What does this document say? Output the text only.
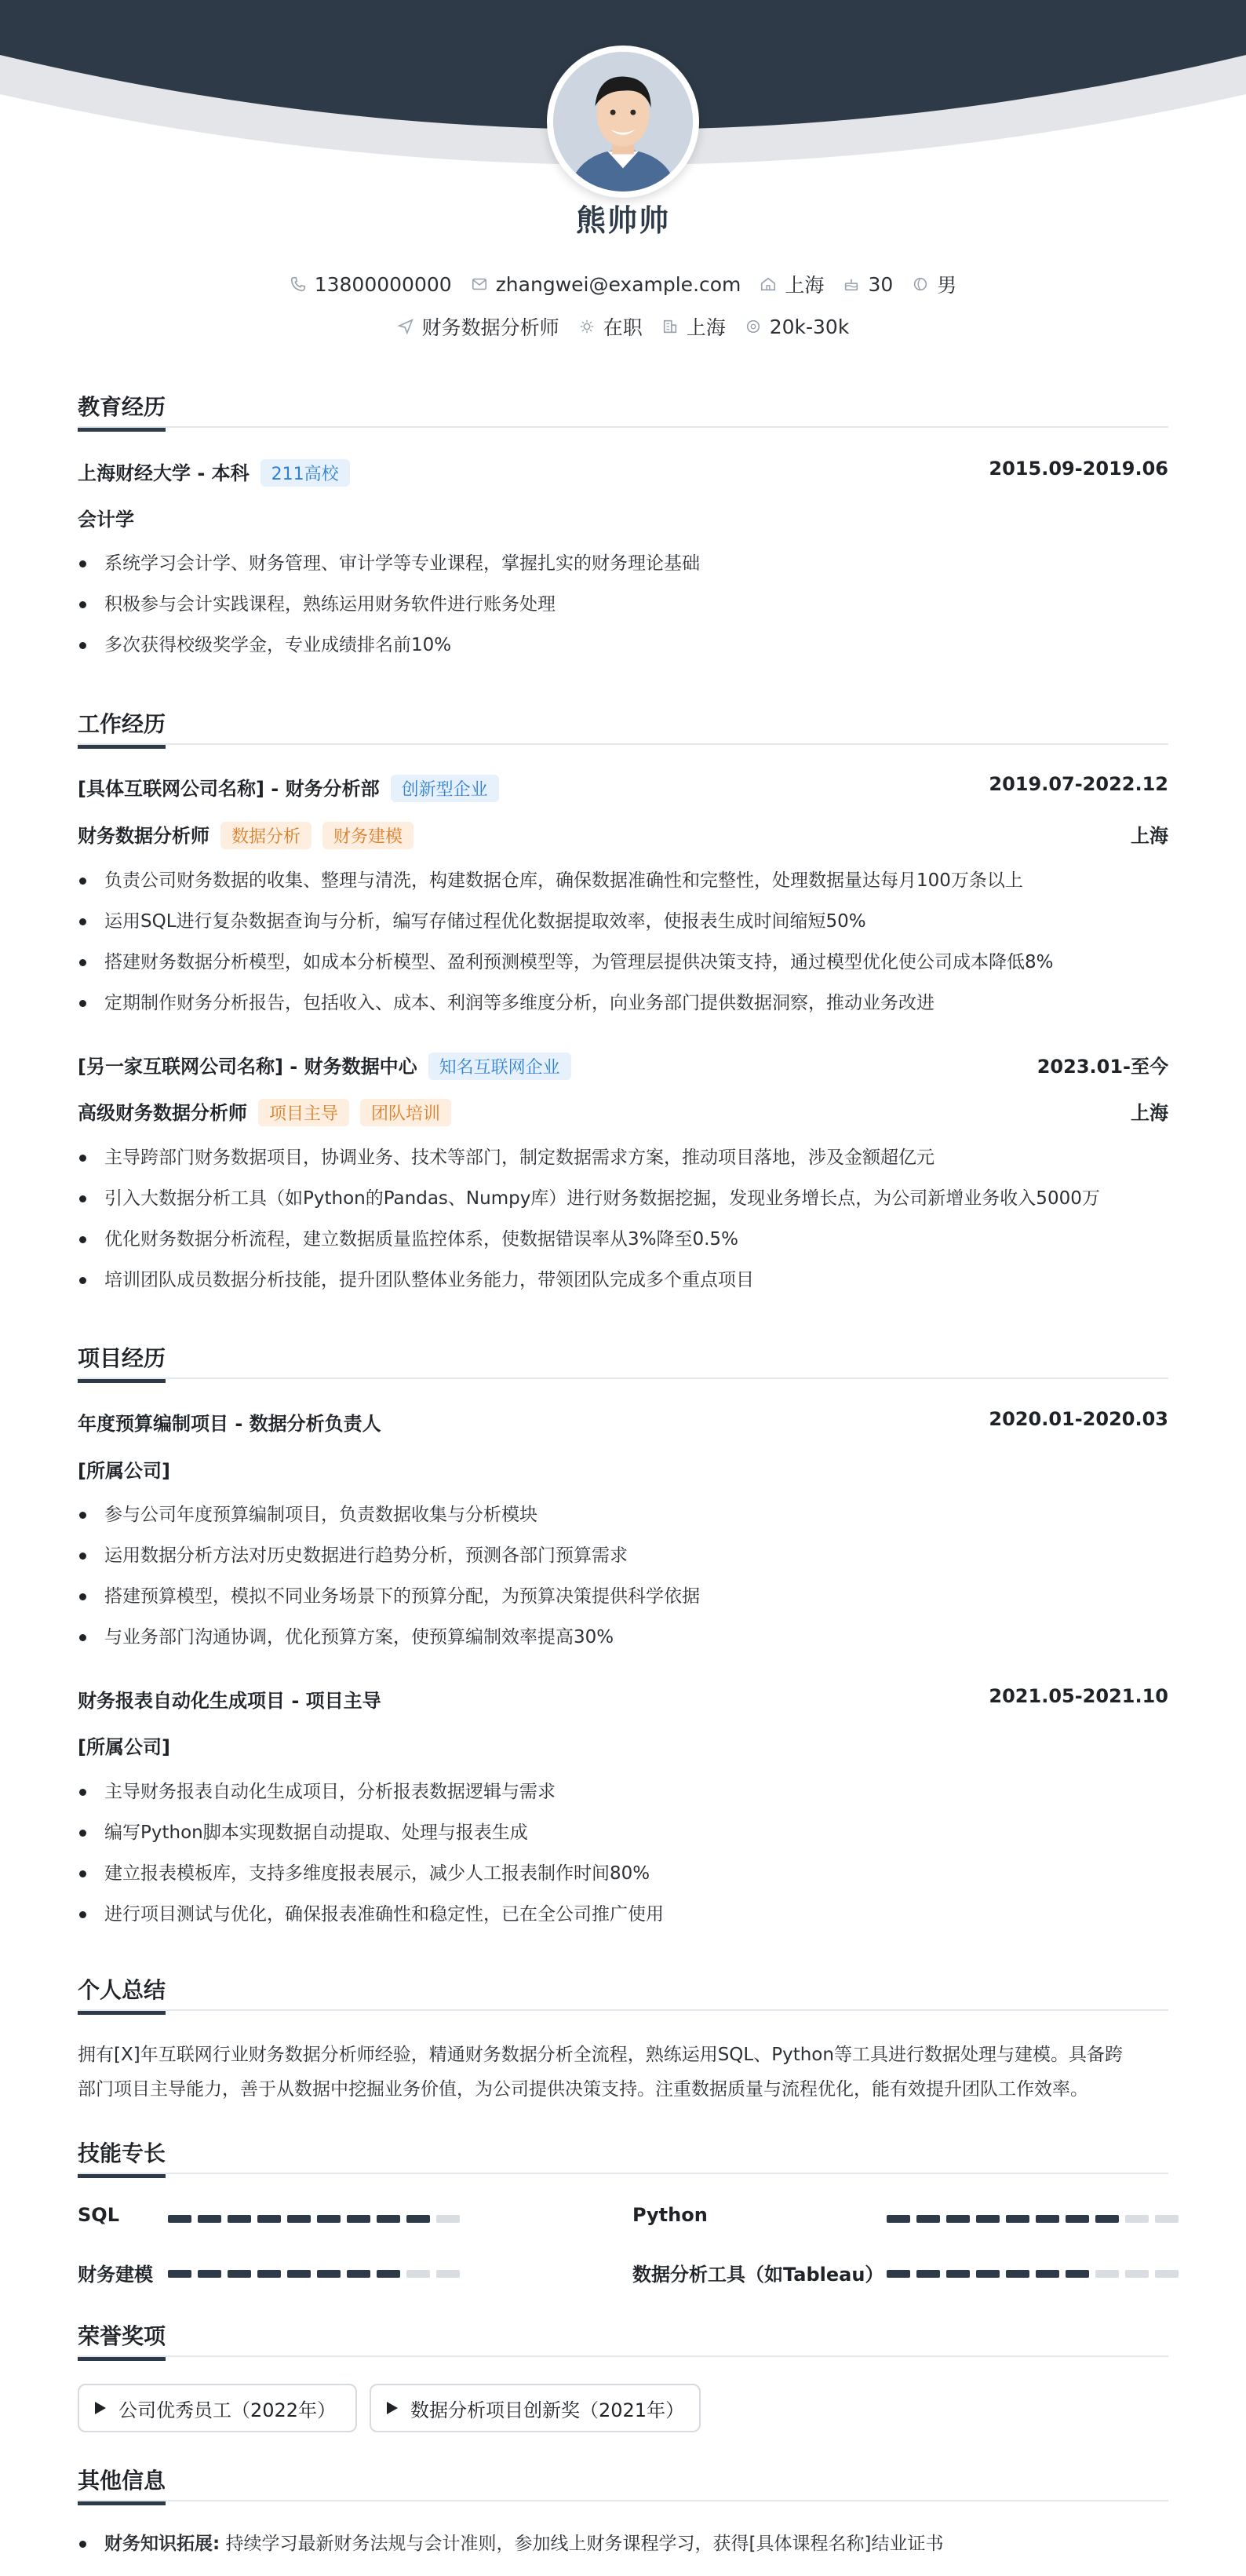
熊帅帅
13800000000 zhangwei@example.com 上海 30 男
财务数据分析师 在职 上海 20k-30k
教育经历
上海财经大学 - 本科 211高校	2015.09-2019.06
会计学
系统学习会计学、财务管理、审计学等专业课程，掌握扎实的财务理论基础
积极参与会计实践课程，熟练运用财务软件进行账务处理
多次获得校级奖学金，专业成绩排名前10%
工作经历
[具体互联网公司名称] - 财务分析部 创新型企业	2019.07-2022.12
财务数据分析师 数据分析 财务建模	上海
负责公司财务数据的收集、整理与清洗，构建数据仓库，确保数据准确性和完整性，处理数据量达每月100万条以上
运用SQL进行复杂数据查询与分析，编写存储过程优化数据提取效率，使报表生成时间缩短50%
搭建财务数据分析模型，如成本分析模型、盈利预测模型等，为管理层提供决策支持，通过模型优化使公司成本降低8%
定期制作财务分析报告，包括收入、成本、利润等多维度分析，向业务部门提供数据洞察，推动业务改进
[另一家互联网公司名称] - 财务数据中心 知名互联网企业	2023.01-至今
高级财务数据分析师 项目主导 团队培训	上海
主导跨部门财务数据项目，协调业务、技术等部门，制定数据需求方案，推动项目落地，涉及金额超亿元
引入大数据分析工具（如Python的Pandas、Numpy库）进行财务数据挖掘，发现业务增长点，为公司新增业务收入5000万
优化财务数据分析流程，建立数据质量监控体系，使数据错误率从3%降至0.5%
培训团队成员数据分析技能，提升团队整体业务能力，带领团队完成多个重点项目
项目经历
年度预算编制项目 - 数据分析负责人	2020.01-2020.03
[所属公司]
参与公司年度预算编制项目，负责数据收集与分析模块
运用数据分析方法对历史数据进行趋势分析，预测各部门预算需求
搭建预算模型，模拟不同业务场景下的预算分配，为预算决策提供科学依据
与业务部门沟通协调，优化预算方案，使预算编制效率提高30%
财务报表自动化生成项目 - 项目主导	2021.05-2021.10
[所属公司]
主导财务报表自动化生成项目，分析报表数据逻辑与需求
编写Python脚本实现数据自动提取、处理与报表生成
建立报表模板库，支持多维度报表展示，减少人工报表制作时间80%
进行项目测试与优化，确保报表准确性和稳定性，已在全公司推广使用
个人总结
拥有[X]年互联网行业财务数据分析师经验，精通财务数据分析全流程，熟练运用SQL、Python等工具进行数据处理与建模。具备跨
部门项目主导能力，善于从数据中挖掘业务价值，为公司提供决策支持。注重数据质量与流程优化，能有效提升团队工作效率。
技能专长
SQL	Python
财务建模	数据分析工具（如Tableau）
荣誉奖项
公司优秀员工（2022年）	数据分析项目创新奖（2021年）
其他信息
财务知识拓展: 持续学习最新财务法规与会计准则，参加线上财务课程学习，获得[具体课程名称]结业证书
